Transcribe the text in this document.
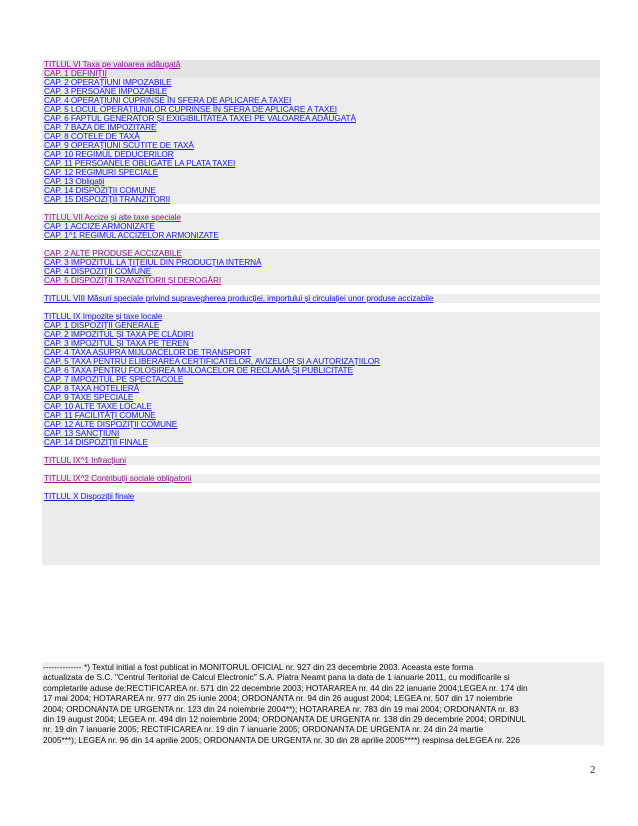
TITLUL VI Taxa pe valoarea adăugată
CAP. 1 DEFINIȚII
CAP. 2 OPERAȚIUNI IMPOZABILE
CAP. 3 PERSOANE IMPOZABILE
CAP. 4 OPERAȚIUNI CUPRINSE ÎN SFERA DE APLICARE A TAXEI
CAP. 5 LOCUL OPERAȚIUNILOR CUPRINSE ÎN SFERA DE APLICARE A TAXEI
CAP. 6 FAPTUL GENERATOR ȘI EXIGIBILITATEA TAXEI PE VALOAREA ADĂUGATĂ
CAP. 7 BAZA DE IMPOZITARE
CAP. 8 COTELE DE TAXĂ
CAP. 9 OPERAȚIUNI SCUTITE DE TAXĂ
CAP. 10 REGIMUL DEDUCERILOR
CAP. 11 PERSOANELE OBLIGATE LA PLATA TAXEI
CAP. 12 REGIMURI SPECIALE
CAP. 13 Obligații
CAP. 14 DISPOZIȚII COMUNE
CAP. 15 DISPOZIȚII TRANZITORII
TITLUL VII Accize și alte taxe speciale
CAP. 1 ACCIZE ARMONIZATE
CAP. 1^1 REGIMUL ACCIZELOR ARMONIZATE
CAP. 2 ALTE PRODUSE ACCIZABILE
CAP. 3 IMPOZITUL LA ȚIȚEIUL DIN PRODUCȚIA INTERNĂ
CAP. 4 DISPOZIȚII COMUNE
CAP. 5 DISPOZIȚII TRANZITORII ȘI DEROGĂRI
TITLUL VIII Măsuri speciale privind supravegherea producției, importului și circulației unor produse accizabile
TITLUL IX Impozite și taxe locale
CAP. 1 DISPOZIȚII GENERALE
CAP. 2 IMPOZITUL ȘI TAXA PE CLĂDIRI
CAP. 3 IMPOZITUL ȘI TAXA PE TEREN
CAP. 4 TAXA ASUPRA MIJLOACELOR DE TRANSPORT
CAP. 5 TAXA PENTRU ELIBERAREA CERTIFICATELOR, AVIZELOR ȘI A AUTORIZAȚIILOR
CAP. 6 TAXA PENTRU FOLOSIREA MIJLOACELOR DE RECLAMĂ ȘI PUBLICITATE
CAP. 7 IMPOZITUL PE SPECTACOLE
CAP. 8 TAXA HOTELIERĂ
CAP. 9 TAXE SPECIALE
CAP. 10 ALTE TAXE LOCALE
CAP. 11 FACILITĂȚI COMUNE
CAP. 12 ALTE DISPOZIȚII COMUNE
CAP. 13 SANCȚIUNI
CAP. 14 DISPOZIȚII FINALE
TITLUL IX^1 Infracțiuni
TITLUL IX^2 Contribuții sociale obligatorii
TITLUL X Dispoziții finale
-------------- *) Textul initial a fost publicat in MONITORUL OFICIAL nr. 927 din 23 decembrie 2003. Aceasta este forma
actualizata de S.C. "Centrul Teritorial de Calcul Electronic" S.A. Piatra Neamt pana la data de 1 ianuarie 2011, cu modificarile si
completarile aduse de:RECTIFICAREA nr. 571 din 22 decembrie 2003; HOTARAREA nr. 44 din 22 ianuarie 2004;LEGEA nr. 174 din
17 mai 2004; HOTARAREA nr. 977 din 25 iunie 2004; ORDONANTA nr. 94 din 26 august 2004; LEGEA nr. 507 din 17 noiembrie
2004; ORDONANTA DE URGENTA nr. 123 din 24 noiembrie 2004**); HOTARAREA nr. 783 din 19 mai 2004; ORDONANTA nr. 83
din 19 august 2004; LEGEA nr. 494 din 12 noiembrie 2004; ORDONANTA DE URGENTA nr. 138 din 29 decembrie 2004; ORDINUL
nr. 19 din 7 ianuarie 2005; RECTIFICAREA nr. 19 din 7 ianuarie 2005; ORDONANTA DE URGENTA nr. 24 din 24 martie
2005***); LEGEA nr. 96 din 14 aprilie 2005; ORDONANTA DE URGENTA nr. 30 din 28 aprilie 2005****) respinsa deLEGEA nr. 226
2
